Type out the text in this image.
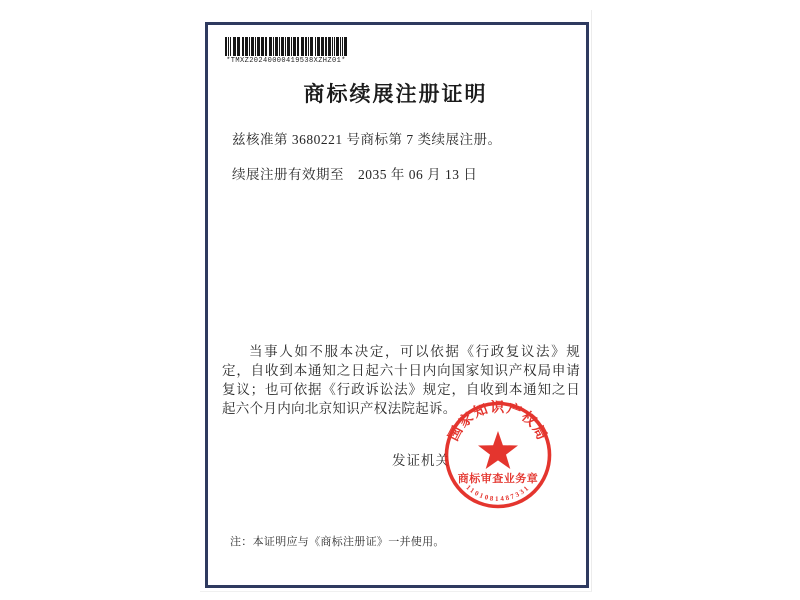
*TMXZ20240000419538XZHZ01*
商标续展注册证明
兹核准第 3680221 号商标第 7 类续展注册。
续展注册有效期至 2035 年 06 月 13 日
当事人如不服本决定，可以依据《行政复议法》规定，自收到本通知之日起六十日内向国家知识产权局申请复议；也可依据《行政诉讼法》规定，自收到本通知之日起六个月内向北京知识产权法院起诉。
发证机关
国家知识产权局
商标审查业务章
1101081487331
注：本证明应与《商标注册证》一并使用。
